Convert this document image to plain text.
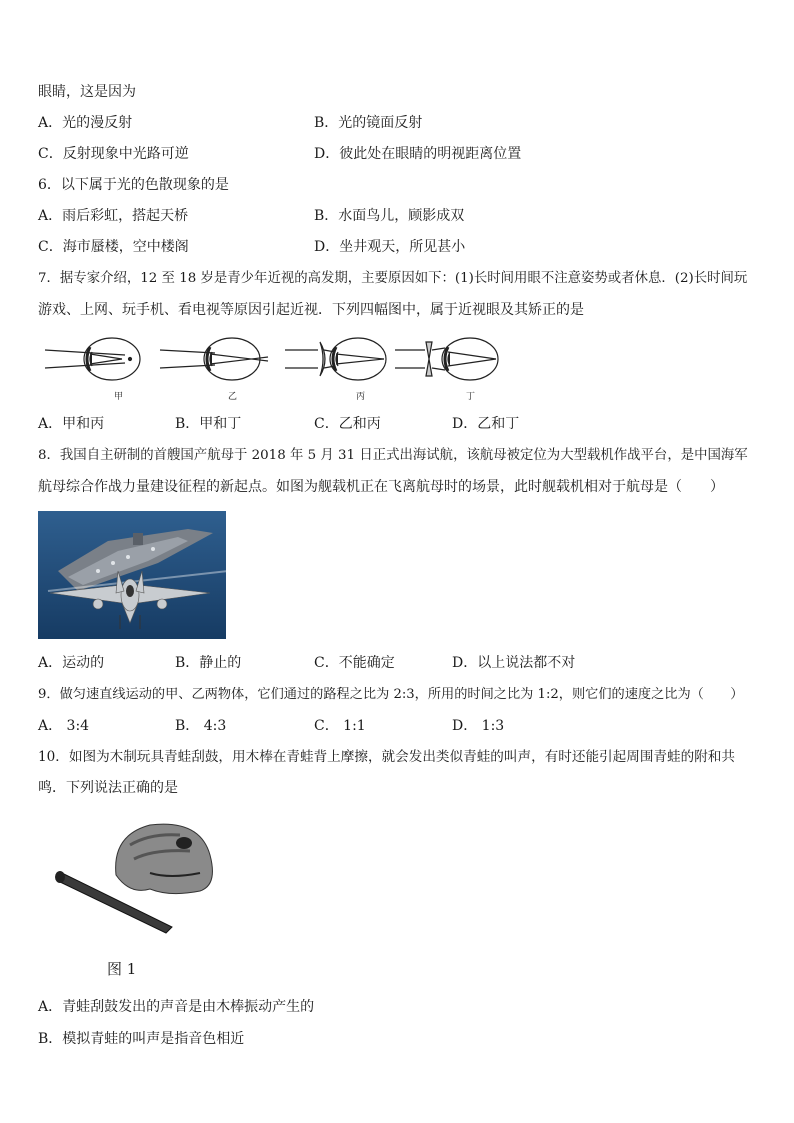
眼睛，这是因为
A．光的漫反射	B．光的镜面反射
C．反射现象中光路可逆	D．彼此处在眼睛的明视距离位置
6．以下属于光的色散现象的是
A．雨后彩虹，搭起天桥	B．水面鸟儿，顾影成双
C．海市蜃楼，空中楼阁	D．坐井观天，所见甚小
7．据专家介绍，12 至 18 岁是青少年近视的高发期，主要原因如下：(1)长时间用眼不注意姿势或者休息．(2)长时间玩
游戏、上网、玩手机、看电视等原因引起近视．下列四幅图中，属于近视眼及其矫正的是
甲	乙	丙	丁
A．甲和丙	B．甲和丁	C．乙和丙	D．乙和丁
8．我国自主研制的首艘国产航母于 2018 年 5 月 31 日正式出海试航，该航母被定位为大型载机作战平台，是中国海军
航母综合作战力量建设征程的新起点。如图为舰载机正在飞离航母时的场景，此时舰载机相对于航母是（　　）
A．运动的	B．静止的	C．不能确定	D．以上说法都不对
9．做匀速直线运动的甲、乙两物体，它们通过的路程之比为 2:3，所用的时间之比为 1:2，则它们的速度之比为（　　）
A． 3:4	B． 4:3	C． 1:1	D． 1:3
10．如图为木制玩具青蛙刮鼓，用木棒在青蛙背上摩擦，就会发出类似青蛙的叫声，有时还能引起周围青蛙的附和共
鸣．下列说法正确的是
图 1
A．青蛙刮鼓发出的声音是由木棒振动产生的
B．模拟青蛙的叫声是指音色相近
